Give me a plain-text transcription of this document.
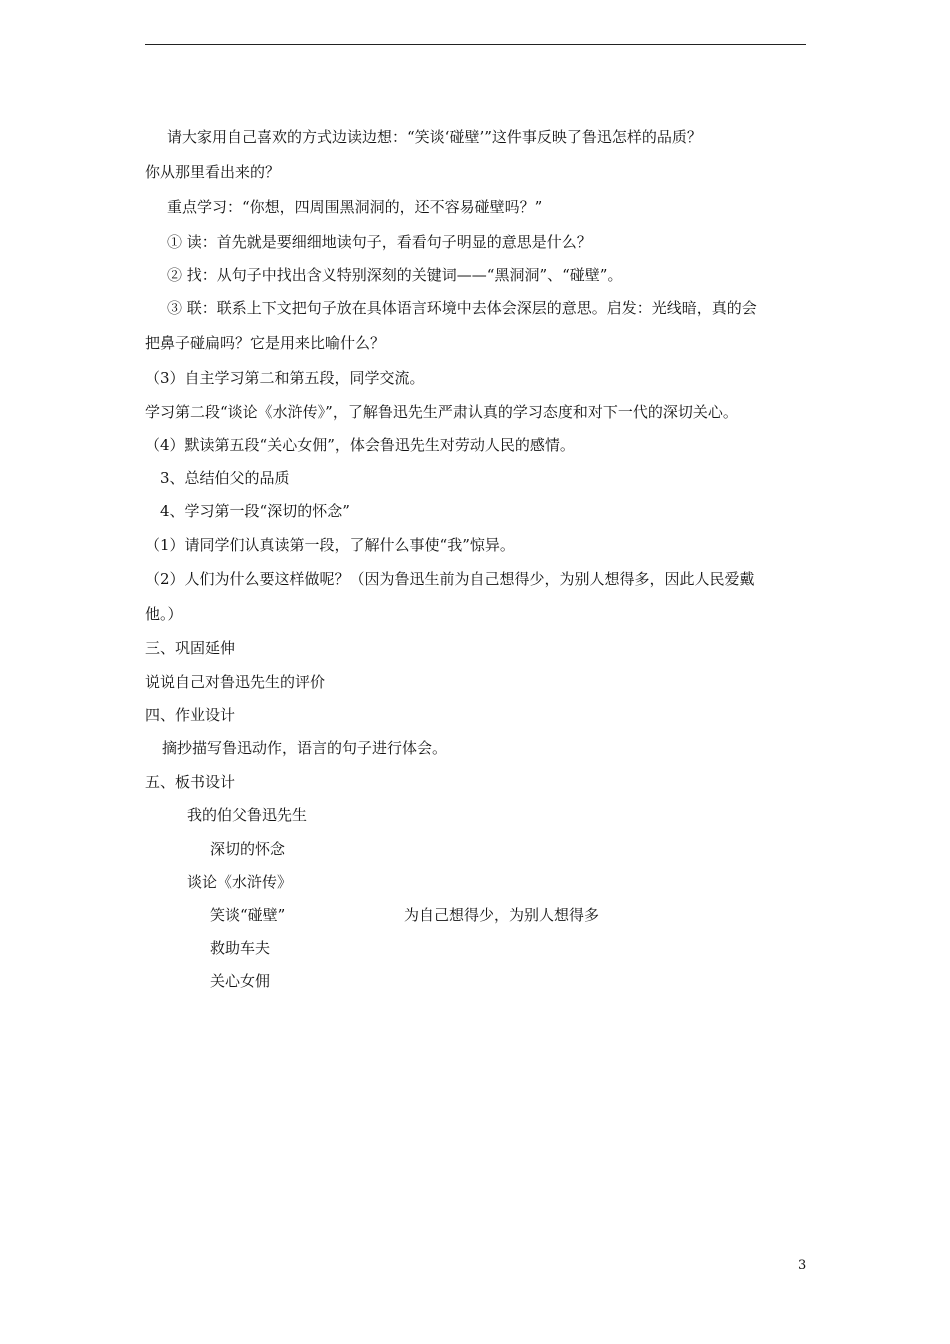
请大家用自己喜欢的方式边读边想：“笑谈‘碰壁’”这件事反映了鲁迅怎样的品质？
你从那里看出来的？
重点学习：“你想，四周围黑洞洞的，还不容易碰壁吗？”
① 读：首先就是要细细地读句子，看看句子明显的意思是什么？
② 找：从句子中找出含义特别深刻的关键词——“黑洞洞”、“碰壁”。
③ 联：联系上下文把句子放在具体语言环境中去体会深层的意思。启发：光线暗，真的会
把鼻子碰扁吗？它是用来比喻什么？
（3）自主学习第二和第五段，同学交流。
学习第二段“谈论《水浒传》”，了解鲁迅先生严肃认真的学习态度和对下一代的深切关心。
（4）默读第五段“关心女佣”，体会鲁迅先生对劳动人民的感情。
3、总结伯父的品质
4、学习第一段“深切的怀念”
（1）请同学们认真读第一段，了解什么事使“我”惊异。
（2）人们为什么要这样做呢？（因为鲁迅生前为自己想得少，为别人想得多，因此人民爱戴
他。）
三、巩固延伸
说说自己对鲁迅先生的评价
四、作业设计
摘抄描写鲁迅动作，语言的句子进行体会。
五、板书设计
我的伯父鲁迅先生
深切的怀念
谈论《水浒传》
笑谈“碰壁”	为自己想得少，为别人想得多
救助车夫
关心女佣
3
